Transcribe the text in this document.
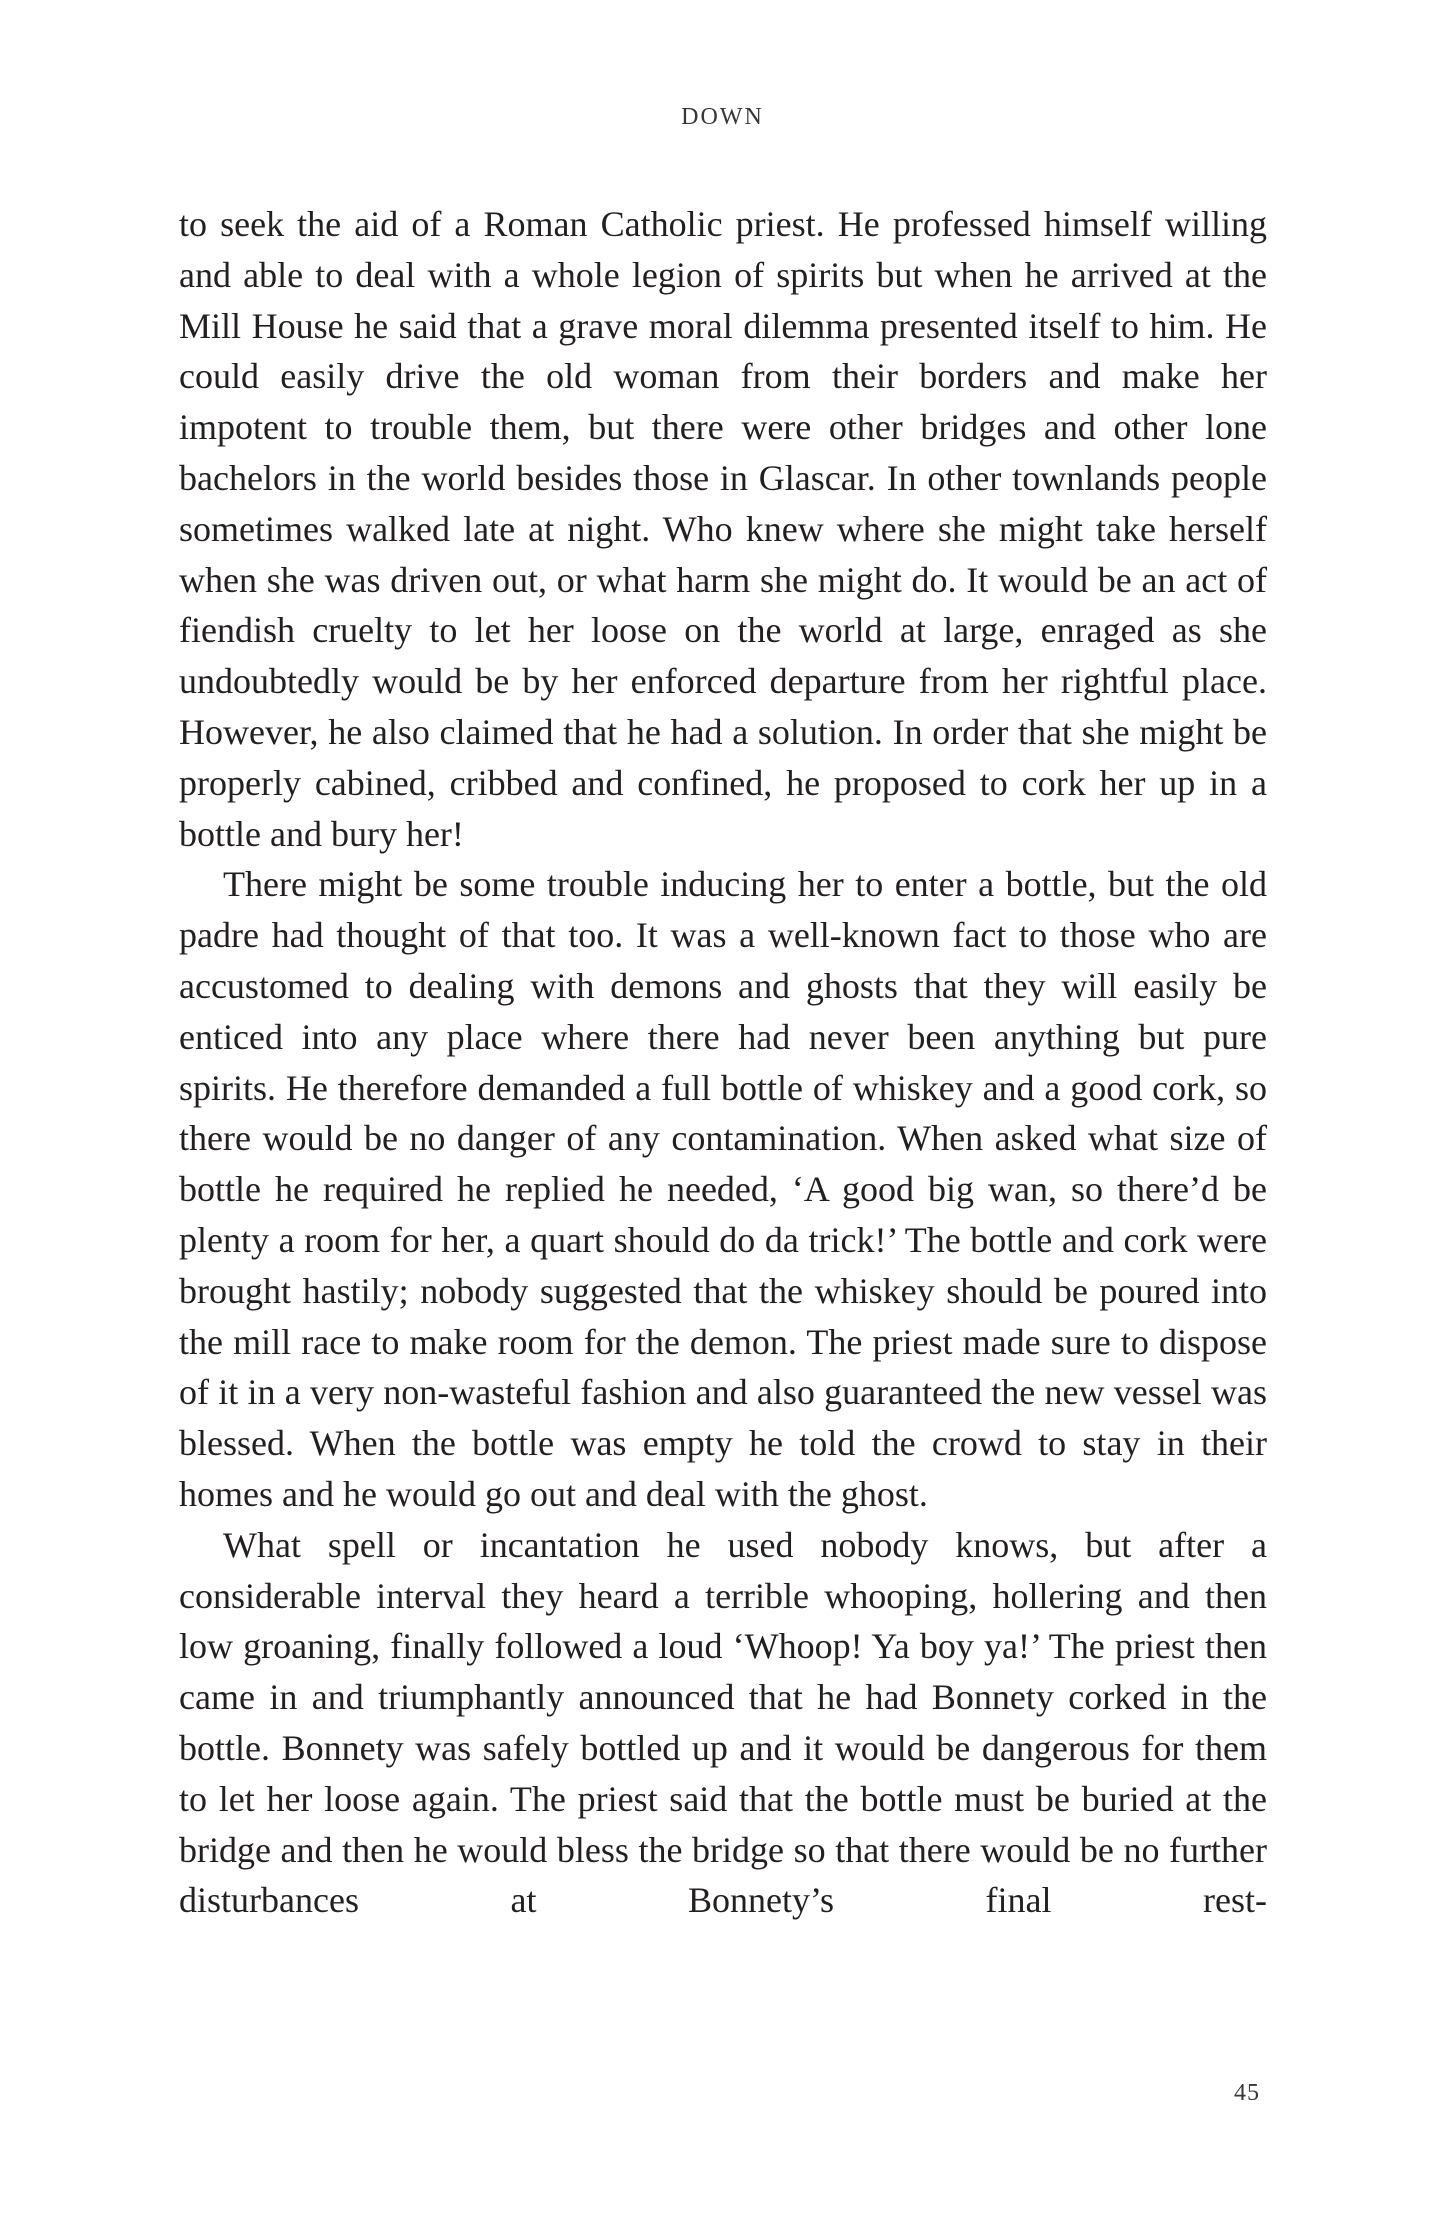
DOWN

to seek the aid of a Roman Catholic priest. He professed himself willing and able to deal with a whole legion of spirits but when he arrived at the Mill House he said that a grave moral dilemma presented itself to him. He could easily drive the old woman from their borders and make her impotent to trouble them, but there were other bridges and other lone bachelors in the world besides those in Glascar. In other townlands people sometimes walked late at night. Who knew where she might take herself when she was driven out, or what harm she might do. It would be an act of fiendish cruelty to let her loose on the world at large, enraged as she undoubtedly would be by her enforced departure from her rightful place. However, he also claimed that he had a solution. In order that she might be properly cabined, cribbed and confined, he proposed to cork her up in a bottle and bury her!

There might be some trouble inducing her to enter a bottle, but the old padre had thought of that too. It was a well-known fact to those who are accustomed to dealing with demons and ghosts that they will easily be enticed into any place where there had never been anything but pure spirits. He therefore demanded a full bottle of whiskey and a good cork, so there would be no danger of any contamination. When asked what size of bottle he required he replied he needed, ‘A good big wan, so there’d be plenty a room for her, a quart should do da trick!’ The bottle and cork were brought hastily; nobody suggested that the whiskey should be poured into the mill race to make room for the demon. The priest made sure to dispose of it in a very non-wasteful fashion and also guaranteed the new vessel was blessed. When the bottle was empty he told the crowd to stay in their homes and he would go out and deal with the ghost.

What spell or incantation he used nobody knows, but after a considerable interval they heard a terrible whooping, hollering and then low groaning, finally followed a loud ‘Whoop! Ya boy ya!’ The priest then came in and triumphantly announced that he had Bonnety corked in the bottle. Bonnety was safely bottled up and it would be dangerous for them to let her loose again. The priest said that the bottle must be buried at the bridge and then he would bless the bridge so that there would be no further disturbances at Bonnety’s final rest-

45
